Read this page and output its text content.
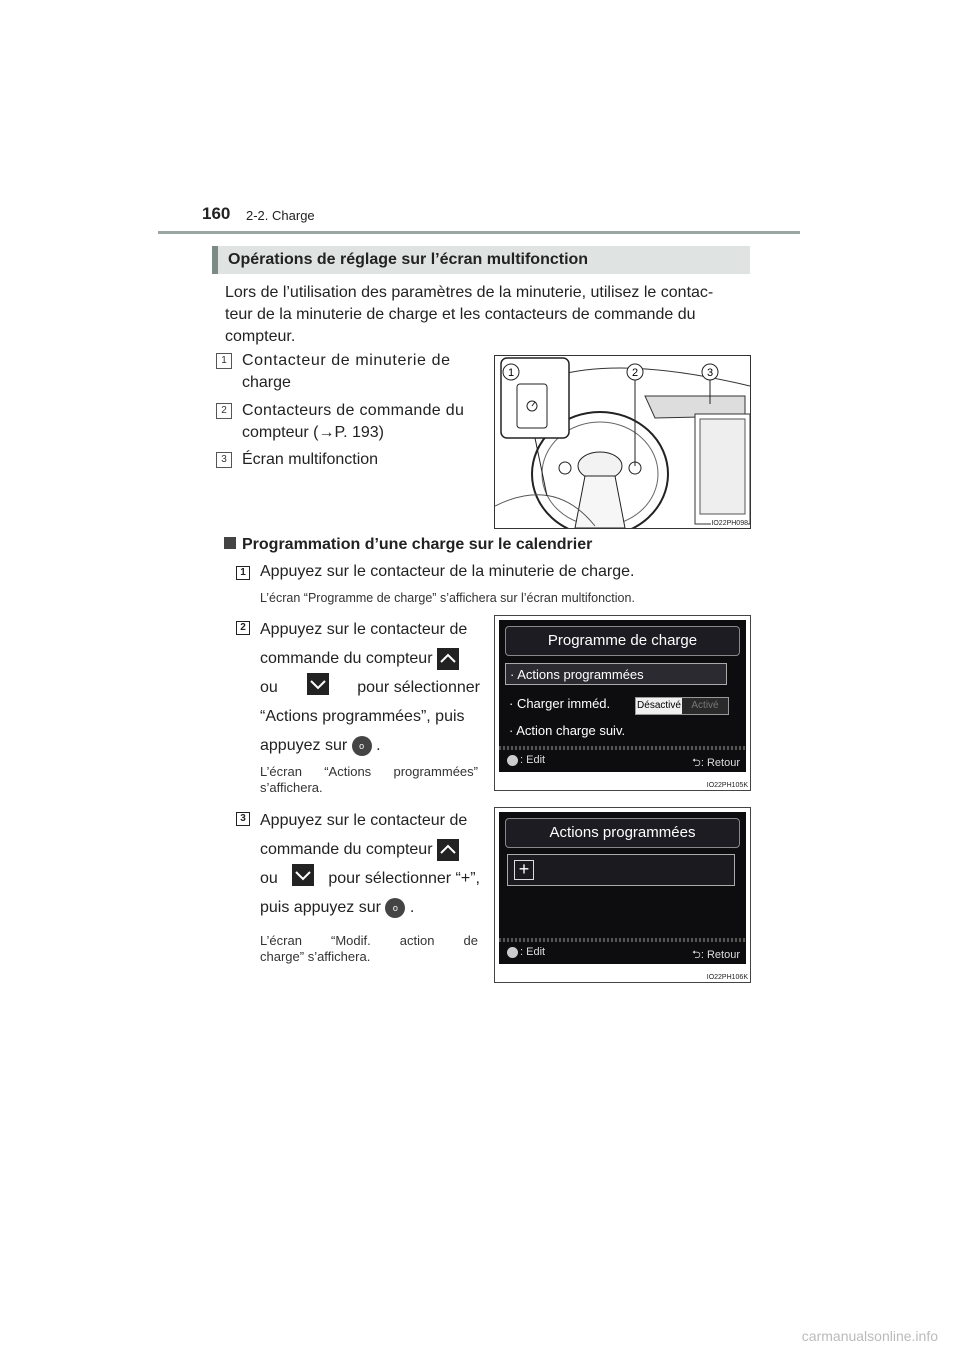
160 2-2. Charge
Opérations de réglage sur l’écran multifonction
Lors de l’utilisation des paramètres de la minuterie, utilisez le contac-
teur de la minuterie de charge et les contacteurs de commande du
compteur.
1 Contacteur de minuterie de
charge
2 Contacteurs de commande du
compteur (→P. 193)
3 Écran multifonction
1	2	3
IO22PH098
Programmation d’une charge sur le calendrier
1 Appuyez sur le contacteur de la minuterie de charge.
L’écran “Programme de charge” s’affichera sur l’écran multifonction.
2 Appuyez sur le contacteur de
commande du compteur
ou	pour sélectionner
“Actions programmées”, puis
appuyez sur o .
L’écran “Actions programmées”
s’affichera.
Programme de charge
· Actions programmées
· Charger imméd.	Désactivé	Activé
· Action charge suiv.
: Edit	⮌: Retour
IO22PH105K
3 Appuyez sur le contacteur de
commande du compteur
ou	pour sélectionner “+”,
puis appuyez sur o .
L’écran “Modif. action de
charge” s’affichera.
Actions programmées
+
: Edit	⮌: Retour
IO22PH106K
carmanualsonline.info
